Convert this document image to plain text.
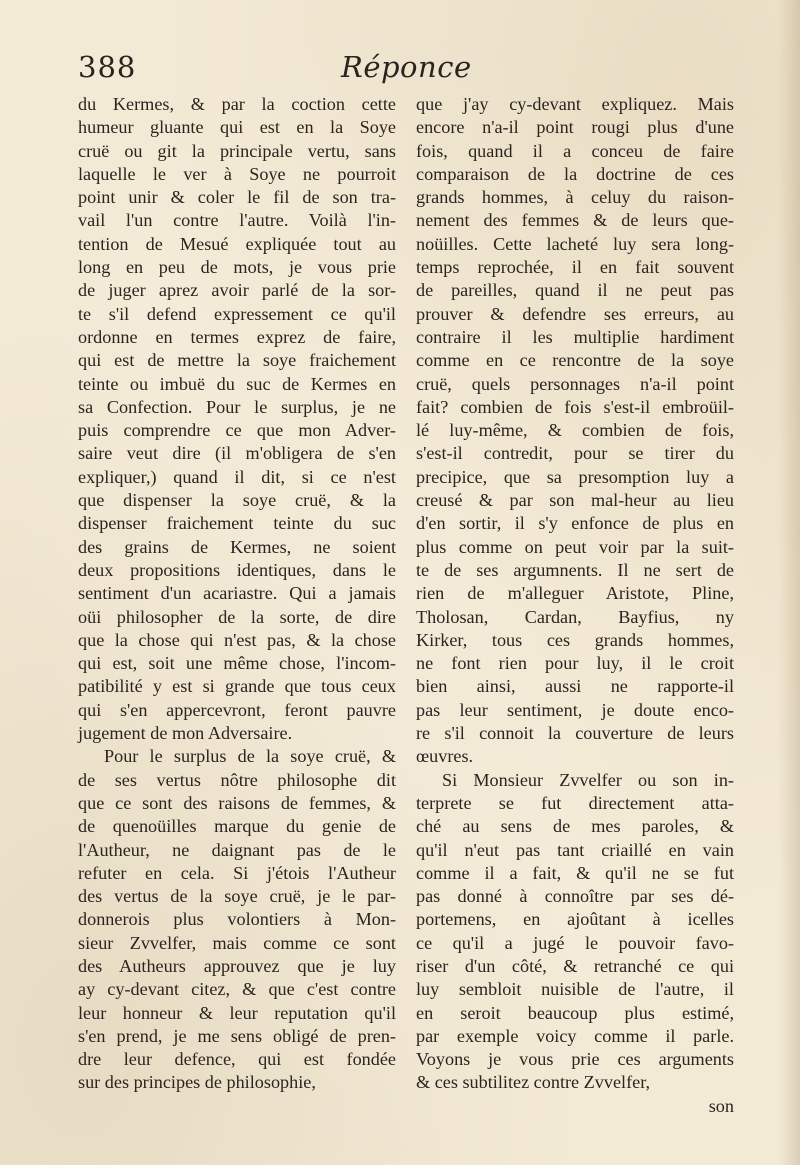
388	Réponce
du Kermes, & par la coction cette
humeur gluante qui est en la Soye
cruë ou git la principale vertu, sans
laquelle le ver à Soye ne pourroit
point unir & coler le fil de son tra-
vail l'un contre l'autre. Voilà l'in-
tention de Mesué expliquée tout au
long en peu de mots, je vous prie
de juger aprez avoir parlé de la sor-
te s'il defend expressement ce qu'il
ordonne en termes exprez de faire,
qui est de mettre la soye fraichement
teinte ou imbuë du suc de Kermes en
sa Confection. Pour le surplus, je ne
puis comprendre ce que mon Adver-
saire veut dire (il m'obligera de s'en
expliquer,) quand il dit, si ce n'est
que dispenser la soye cruë, & la
dispenser fraichement teinte du suc
des grains de Kermes, ne soient
deux propositions identiques, dans le
sentiment d'un acariastre. Qui a jamais
oüi philosopher de la sorte, de dire
que la chose qui n'est pas, & la chose
qui est, soit une même chose, l'incom-
patibilité y est si grande que tous ceux
qui s'en appercevront, feront pauvre
jugement de mon Adversaire.
Pour le surplus de la soye cruë, &
de ses vertus nôtre philosophe dit
que ce sont des raisons de femmes, &
de quenoüilles marque du genie de
l'Autheur, ne daignant pas de le
refuter en cela. Si j'étois l'Autheur
des vertus de la soye cruë, je le par-
donnerois plus volontiers à Mon-
sieur Zvvelfer, mais comme ce sont
des Autheurs approuvez que je luy
ay cy-devant citez, & que c'est contre
leur honneur & leur reputation qu'il
s'en prend, je me sens obligé de pren-
dre leur defence, qui est fondée
sur des principes de philosophie,
que j'ay cy-devant expliquez. Mais
encore n'a-il point rougi plus d'une
fois, quand il a conceu de faire
comparaison de la doctrine de ces
grands hommes, à celuy du raison-
nement des femmes & de leurs que-
noüilles. Cette lacheté luy sera long-
temps reprochée, il en fait souvent
de pareilles, quand il ne peut pas
prouver & defendre ses erreurs, au
contraire il les multiplie hardiment
comme en ce rencontre de la soye
cruë, quels personnages n'a-il point
fait? combien de fois s'est-il embroüil-
lé luy-même, & combien de fois,
s'est-il contredit, pour se tirer du
precipice, que sa presomption luy a
creusé & par son mal-heur au lieu
d'en sortir, il s'y enfonce de plus en
plus comme on peut voir par la suit-
te de ses argumnents. Il ne sert de
rien de m'alleguer Aristote, Pline,
Tholosan, Cardan, Bayfius, ny
Kirker, tous ces grands hommes,
ne font rien pour luy, il le croit
bien ainsi, aussi ne rapporte-il
pas leur sentiment, je doute enco-
re s'il connoit la couverture de leurs
œuvres.
Si Monsieur Zvvelfer ou son in-
terprete se fut directement atta-
ché au sens de mes paroles, &
qu'il n'eut pas tant criaillé en vain
comme il a fait, & qu'il ne se fut
pas donné à connoître par ses dé-
portemens, en ajoûtant à icelles
ce qu'il a jugé le pouvoir favo-
riser d'un côté, & retranché ce qui
luy sembloit nuisible de l'autre, il
en seroit beaucoup plus estimé,
par exemple voicy comme il parle.
Voyons je vous prie ces arguments
& ces subtilitez contre Zvvelfer,
son
